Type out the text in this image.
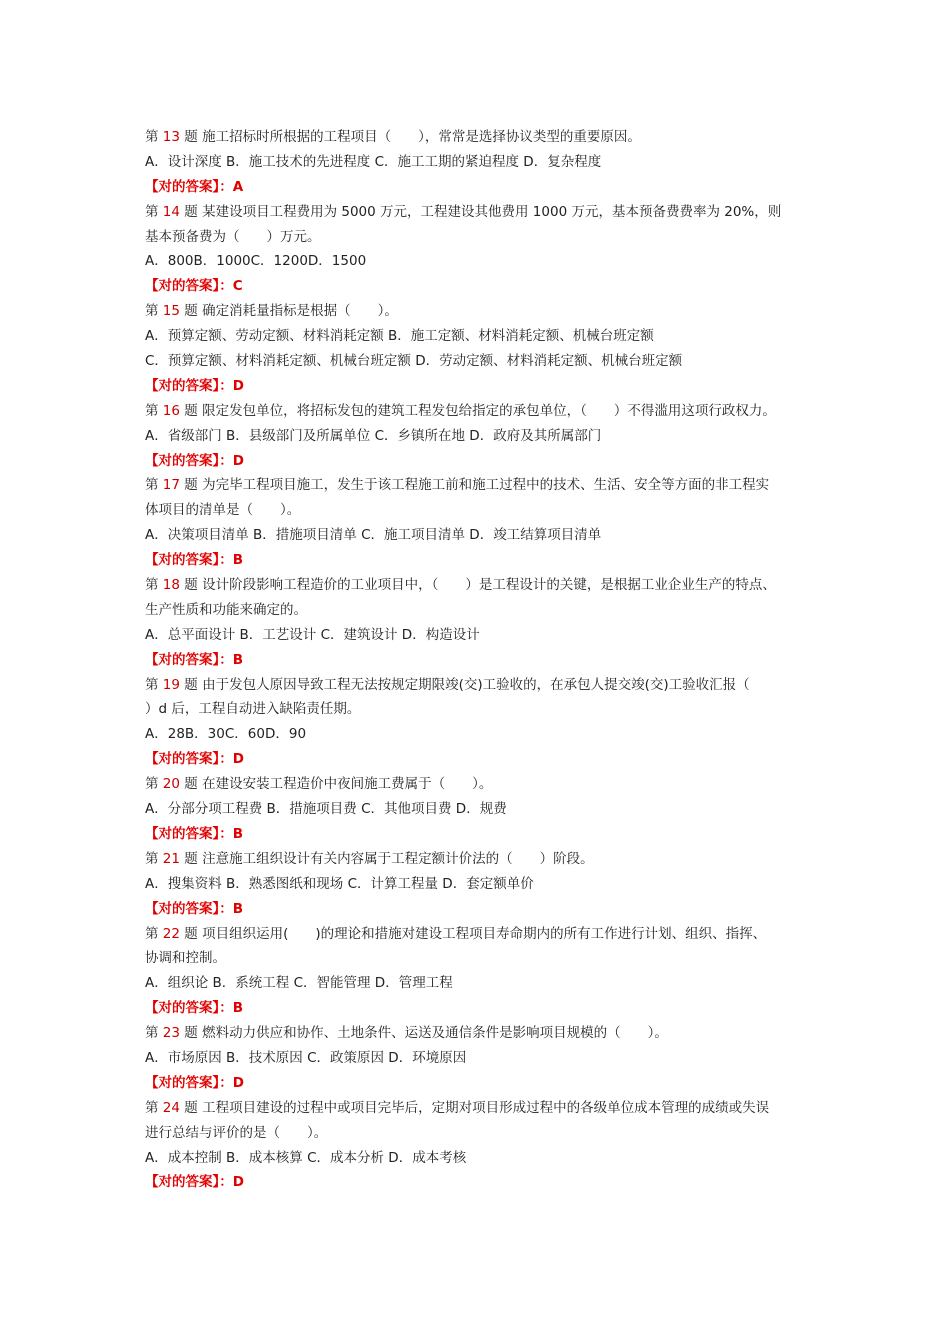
第 13 题 施工招标时所根据的工程项目（　　），常常是选择协议类型的重要原因。
A．设计深度 B．施工技术的先进程度 C．施工工期的紧迫程度 D．复杂程度
【对的答案】：A
第 14 题 某建设项目工程费用为 5000 万元，工程建设其他费用 1000 万元，基本预备费费率为 20%，则
基本预备费为（　　）万元。
A．800B．1000C．1200D．1500
【对的答案】：C
第 15 题 确定消耗量指标是根据（　　）。
A．预算定额、劳动定额、材料消耗定额 B．施工定额、材料消耗定额、机械台班定额
C．预算定额、材料消耗定额、机械台班定额 D．劳动定额、材料消耗定额、机械台班定额
【对的答案】：D
第 16 题 限定发包单位，将招标发包的建筑工程发包给指定的承包单位，（　　）不得滥用这项行政权力。
A．省级部门 B．县级部门及所属单位 C．乡镇所在地 D．政府及其所属部门
【对的答案】：D
第 17 题 为完毕工程项目施工，发生于该工程施工前和施工过程中的技术、生活、安全等方面的非工程实
体项目的清单是（　　）。
A．决策项目清单 B．措施项目清单 C．施工项目清单 D．竣工结算项目清单
【对的答案】：B
第 18 题 设计阶段影响工程造价的工业项目中，（　　）是工程设计的关键，是根据工业企业生产的特点、
生产性质和功能来确定的。
A．总平面设计 B．工艺设计 C．建筑设计 D．构造设计
【对的答案】：B
第 19 题 由于发包人原因导致工程无法按规定期限竣(交)工验收的，在承包人提交竣(交)工验收汇报（
）d 后，工程自动进入缺陷责任期。
A．28B．30C．60D．90
【对的答案】：D
第 20 题 在建设安装工程造价中夜间施工费属于（　　）。
A．分部分项工程费 B．措施项目费 C．其他项目费 D．规费
【对的答案】：B
第 21 题 注意施工组织设计有关内容属于工程定额计价法的（　　）阶段。
A．搜集资料 B．熟悉图纸和现场 C．计算工程量 D．套定额单价
【对的答案】：B
第 22 题 项目组织运用(　　)的理论和措施对建设工程项目寿命期内的所有工作进行计划、组织、指挥、
协调和控制。
A．组织论 B．系统工程 C．智能管理 D．管理工程
【对的答案】：B
第 23 题 燃料动力供应和协作、土地条件、运送及通信条件是影响项目规模的（　　）。
A．市场原因 B．技术原因 C．政策原因 D．环境原因
【对的答案】：D
第 24 题 工程项目建设的过程中或项目完毕后，定期对项目形成过程中的各级单位成本管理的成绩或失误
进行总结与评价的是（　　）。
A．成本控制 B．成本核算 C．成本分析 D．成本考核
【对的答案】：D
